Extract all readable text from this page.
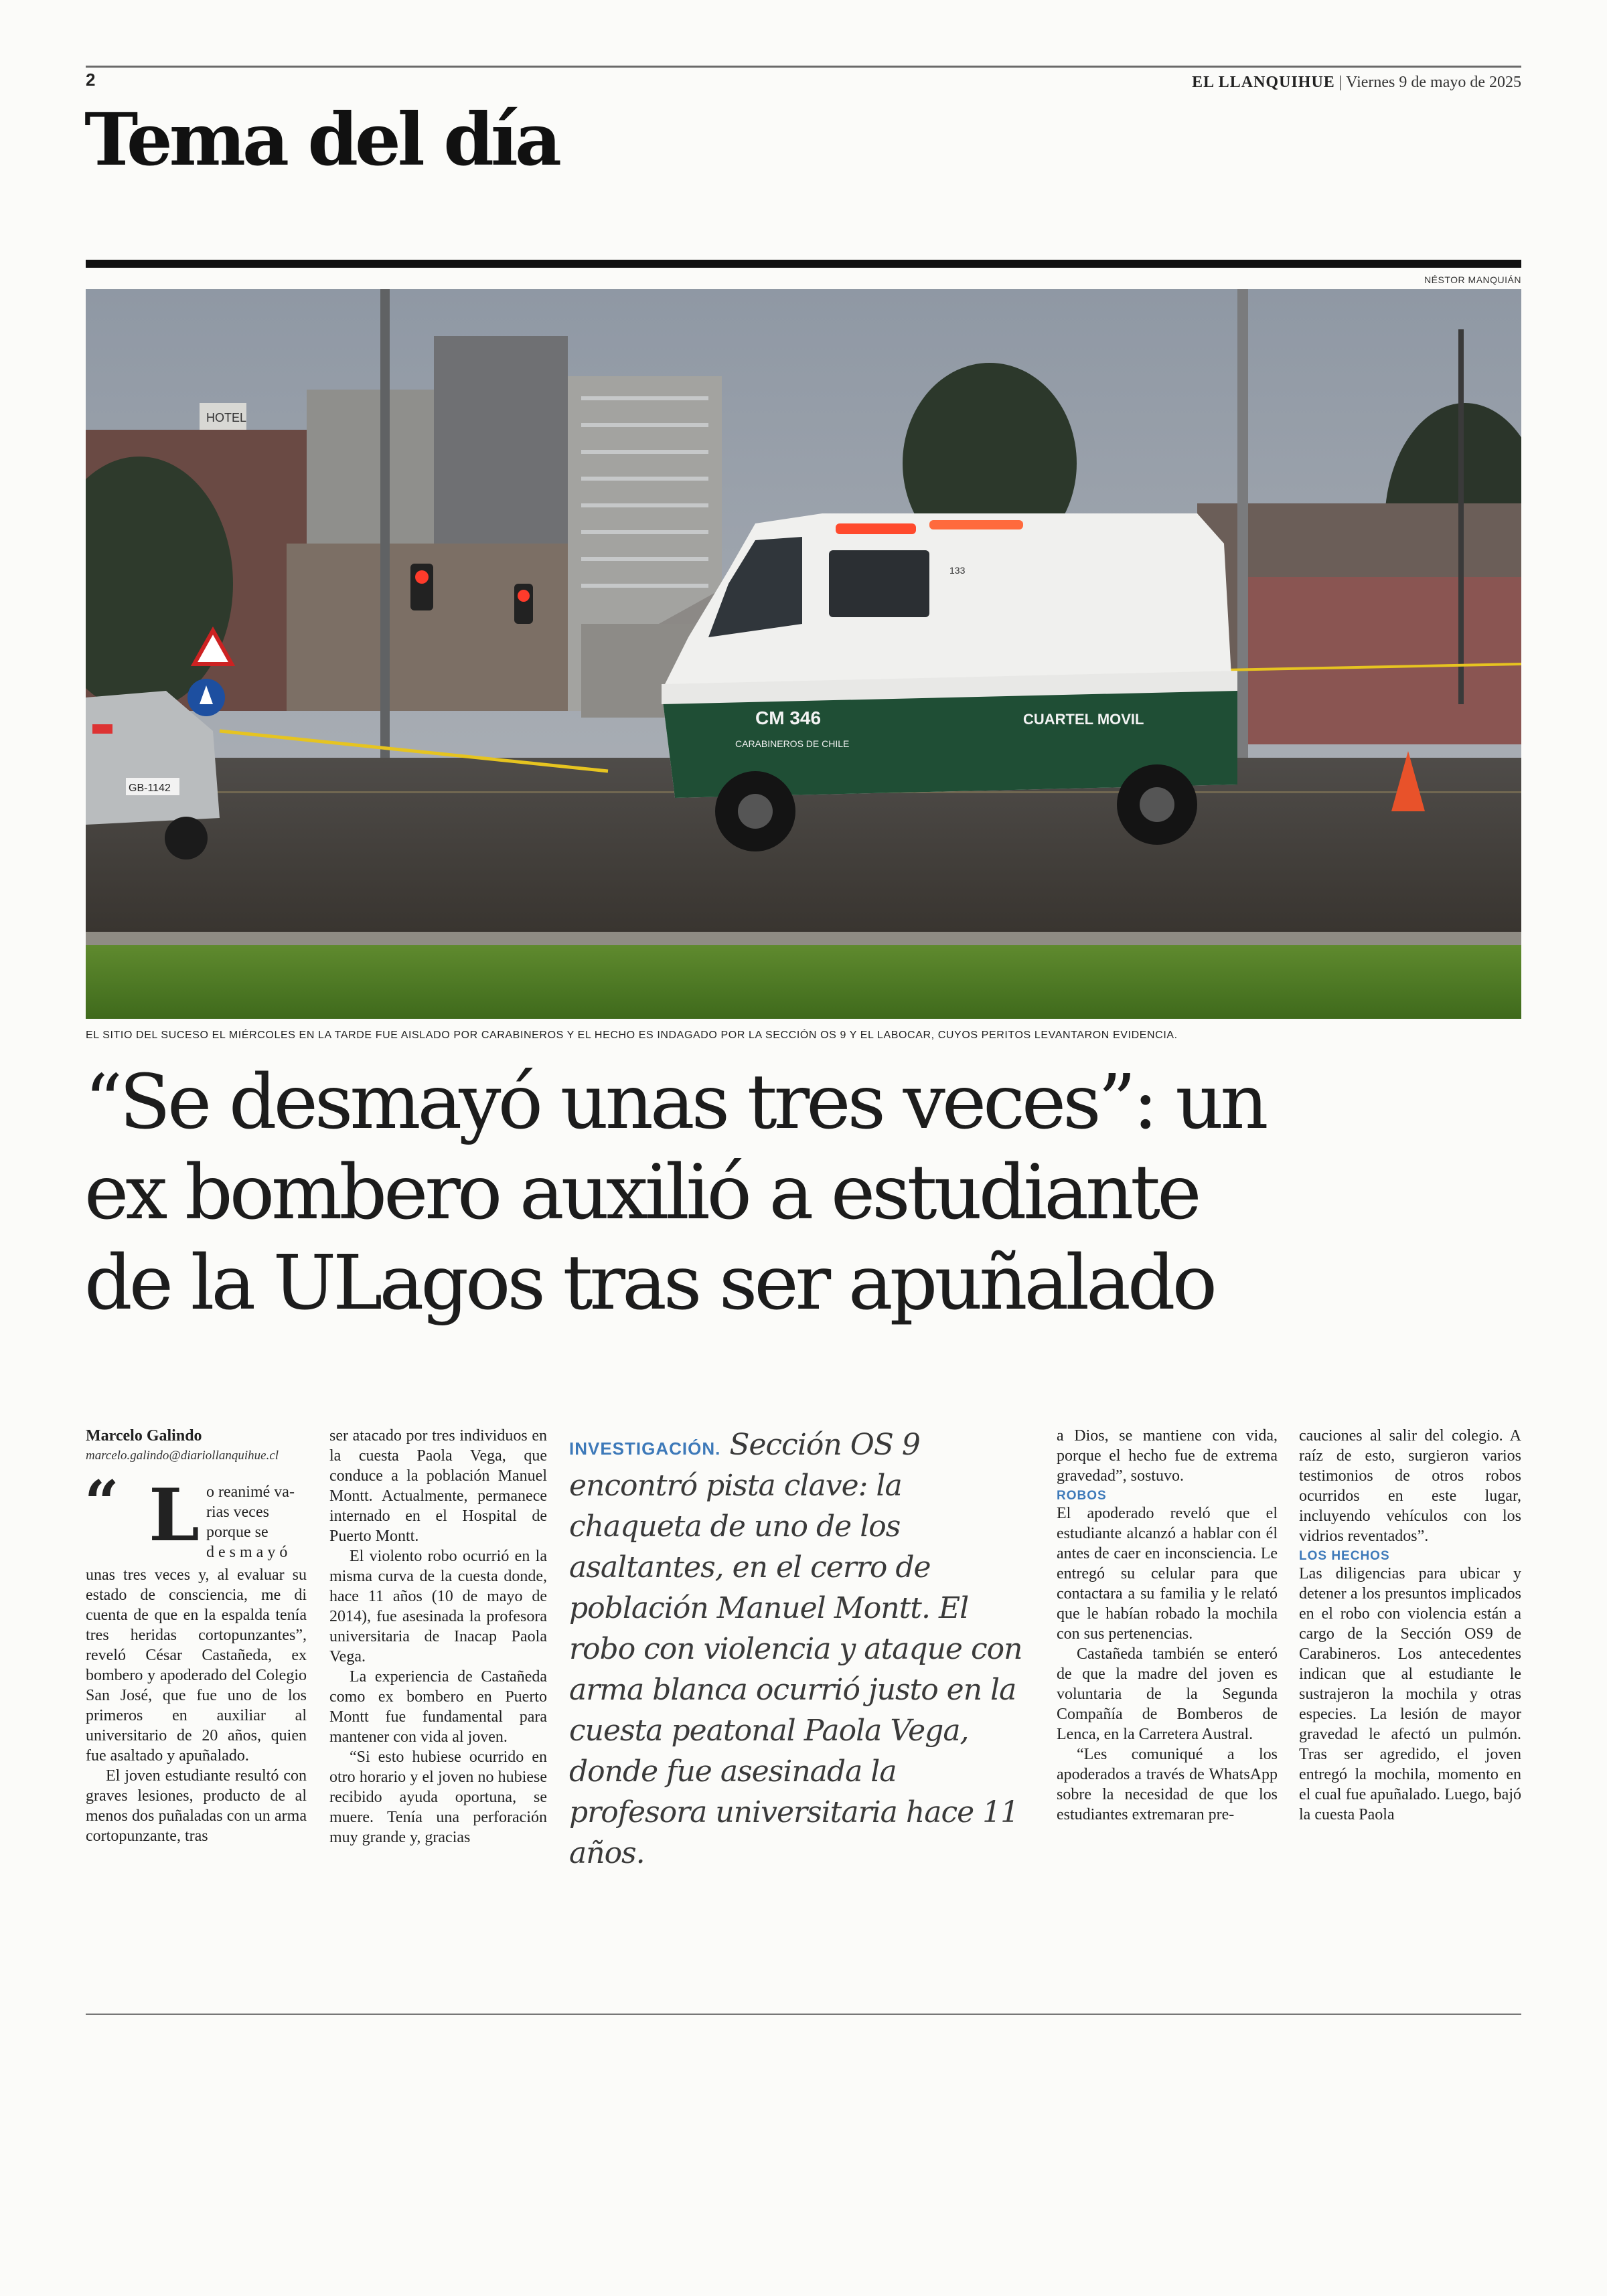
2	EL LLANQUIHUE | Viernes 9 de mayo de 2025
Tema del día
NÉSTOR MANQUIÁN
HOTEL
GB-1142
CUARTEL MOVIL
CM 346
CARABINEROS DE CHILE
133
EL SITIO DEL SUCESO EL MIÉRCOLES EN LA TARDE FUE AISLADO POR CARABINEROS Y EL HECHO ES INDAGADO POR LA SECCIÓN OS 9 Y EL LABOCAR, CUYOS PERITOS LEVANTARON EVIDENCIA.
“Se desmayó unas tres veces”: un
ex bombero auxilió a estudiante
de la ULagos tras ser apuñalado

Marcelo Galindo

marcelo.galindo@diariollanquihue.cl

“ L o reanimé va-
rias veces
porque se
d e s m a y ó

unas tres veces y, al evaluar su estado de consciencia, me di cuenta de que en la espalda tenía tres heridas cortopunzantes”, reveló César Castañeda, ex bombero y apoderado del Colegio San José, que fue uno de los primeros en auxiliar al universitario de 20 años, quien fue asaltado y apuñalado.

El joven estudiante resultó con graves lesiones, producto de al menos dos puñaladas con un arma cortopunzante, tras

ser atacado por tres individuos en la cuesta Paola Vega, que conduce a la población Manuel Montt. Actualmente, permanece internado en el Hospital de Puerto Montt.

El violento robo ocurrió en la misma curva de la cuesta donde, hace 11 años (10 de mayo de 2014), fue asesinada la profesora universitaria de Inacap Paola Vega.

La experiencia de Castañeda como ex bombero en Puerto Montt fue fundamental para mantener con vida al joven.

“Si esto hubiese ocurrido en otro horario y el joven no hubiese recibido ayuda oportuna, se muere. Tenía una perforación muy grande y, gracias

INVESTIGACIÓN. Sección OS 9 encontró pista clave: la chaqueta de uno de los asaltantes, en el cerro de población Manuel Montt. El robo con violencia y ataque con arma blanca ocurrió justo en la cuesta peatonal Paola Vega, donde fue asesinada la profesora universitaria hace 11 años.

a Dios, se mantiene con vida, porque el hecho fue de extrema gravedad”, sostuvo.

ROBOS

El apoderado reveló que el estudiante alcanzó a hablar con él antes de caer en inconsciencia. Le entregó su celular para que contactara a su familia y le relató que le habían robado la mochila con sus pertenencias.

Castañeda también se enteró de que la madre del joven es voluntaria de la Segunda Compañía de Bomberos de Lenca, en la Carretera Austral.

“Les comuniqué a los apoderados a través de WhatsApp sobre la necesidad de que los estudiantes extremaran pre-

cauciones al salir del colegio. A raíz de esto, surgieron varios testimonios de otros robos ocurridos en este lugar, incluyendo vehículos con los vidrios reventados”.

LOS HECHOS

Las diligencias para ubicar y detener a los presuntos implicados en el robo con violencia están a cargo de la Sección OS9 de Carabineros. Los antecedentes indican que al estudiante le sustrajeron la mochila y otras especies. La lesión de mayor gravedad le afectó un pulmón. Tras ser agredido, el joven entregó la mochila, momento en el cual fue apuñalado. Luego, bajó la cuesta Paola
